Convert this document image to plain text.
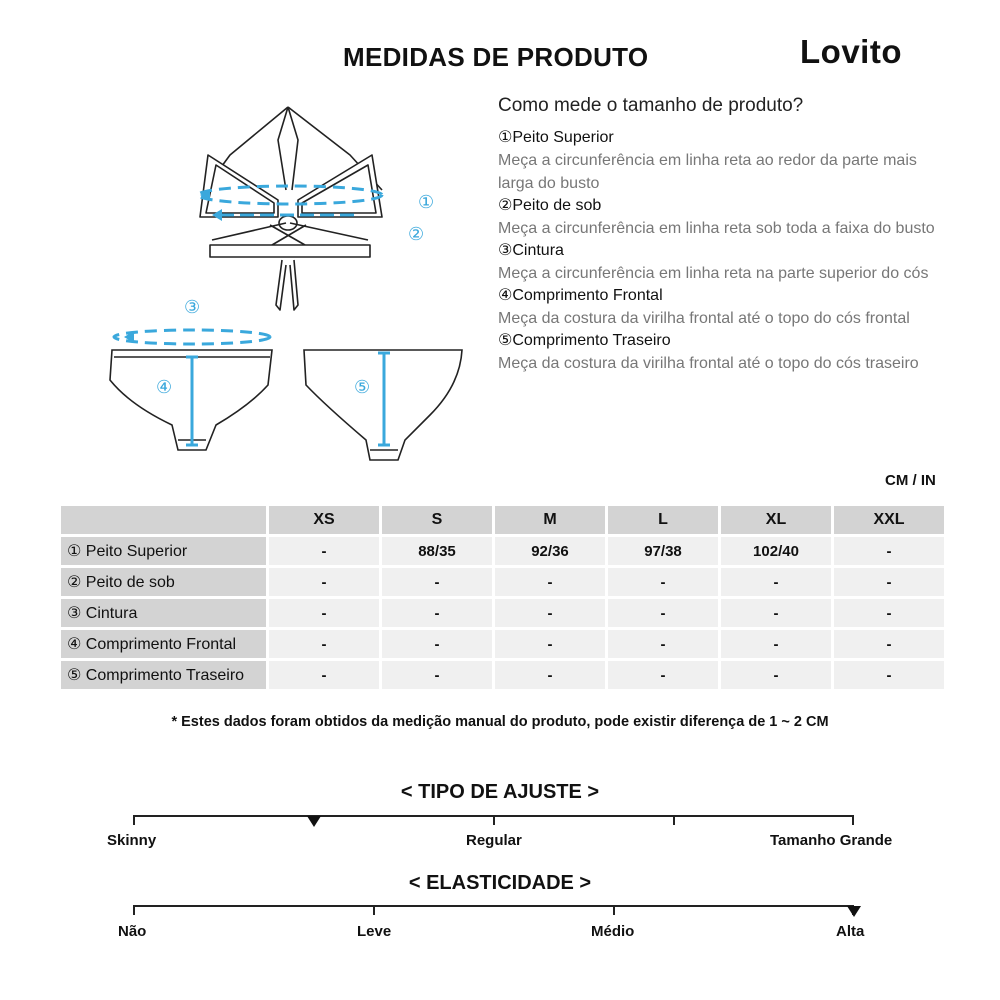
MEDIDAS DE PRODUTO	Lovito
①
②
③
④	⑤
Como mede o tamanho de produto?
①Peito Superior
Meça a circunferência em linha reta ao redor da parte mais larga do busto
②Peito de sob
Meça a circunferência em linha reta sob toda a faixa do busto
③Cintura
Meça a circunferência em linha reta na parte superior do cós
④Comprimento Frontal
Meça da costura da virilha frontal até o topo do cós frontal
⑤Comprimento Traseiro
Meça da costura da virilha frontal até o topo do cós traseiro
CM / IN
	XS	S	M	L	XL	XXL
① Peito Superior	-	88/35	92/36	97/38	102/40	-
② Peito de sob	-	-	-	-	-	-
③ Cintura	-	-	-	-	-	-
④ Comprimento Frontal	-	-	-	-	-	-
⑤ Comprimento Traseiro	-	-	-	-	-	-
* Estes dados foram obtidos da medição manual do produto, pode existir diferença de 1 ~ 2 CM
< TIPO DE AJUSTE >
Skinny	Regular	Tamanho Grande
< ELASTICIDADE >
Não	Leve	Médio	Alta
